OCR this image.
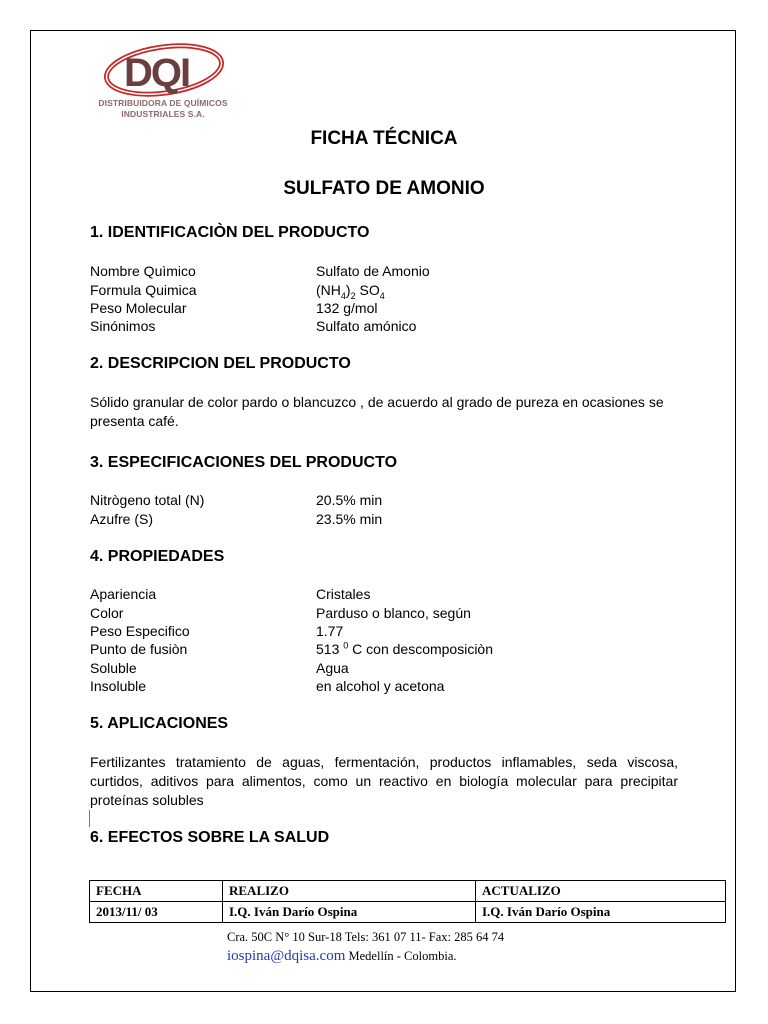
DQI
DISTRIBUIDORA DE QUÍMICOS
INDUSTRIALES S.A.
FICHA TÉCNICA
SULFATO DE AMONIO
1. IDENTIFICACIÒN DEL PRODUCTO
Nombre Quìmico	Sulfato de Amonio
Formula Quimica	$(NH_4)_2$ $SO_4$
Peso Molecular	132 g/mol
Sinónimos	Sulfato amónico
2. DESCRIPCION DEL PRODUCTO
Sólido granular de color pardo o blancuzco , de acuerdo al grado de pureza en ocasiones se presenta café.
3. ESPECIFICACIONES DEL PRODUCTO
Nitrògeno total (N)	20.5% min
Azufre (S)	23.5% min
4. PROPIEDADES
Apariencia	Cristales
Color	Parduso o blanco, según
Peso Especifico	1.77
Punto de fusiòn	513 $^0$ C con descomposiciòn
Soluble	Agua
Insoluble	en alcohol y acetona
5. APLICACIONES
Fertilizantes tratamiento de aguas, fermentación, productos inflamables, seda viscosa, curtidos, aditivos para alimentos, como un reactivo en biología molecular para precipitar proteínas solubles
6. EFECTOS SOBRE LA SALUD
FECHA	REALIZO	ACTUALIZO
2013/11/ 03	I.Q. Iván Darío Ospina	I.Q. Iván Darío Ospina
Cra. 50C N° 10 Sur-18 Tels: 361 07 11- Fax: 285 64 74
iospina@dqisa.com Medellín - Colombia.
